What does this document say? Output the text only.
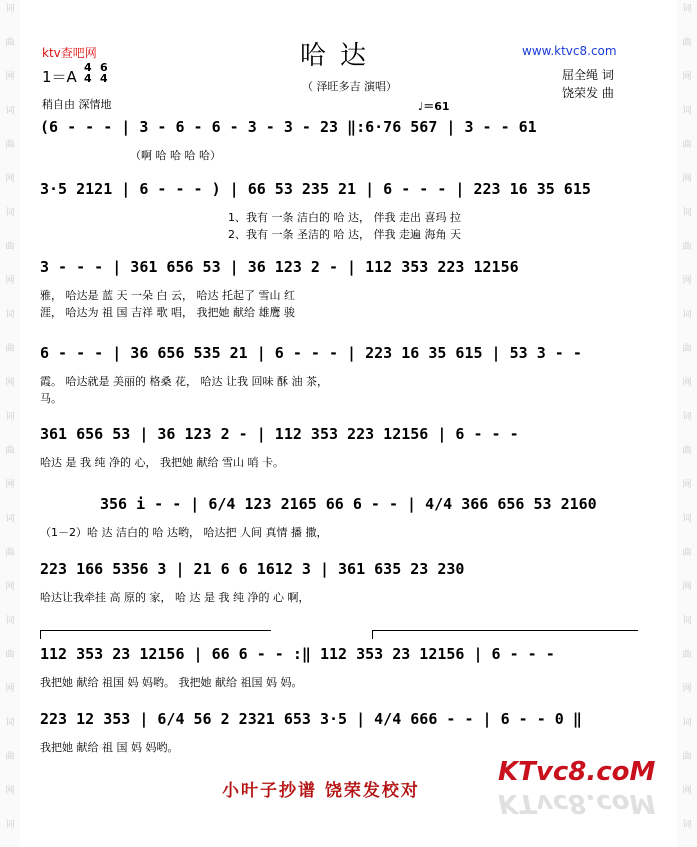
词
曲
网
词
曲
网
词
曲
网
词
曲
网
词
曲
网
词
曲
网
词
曲
网
词
曲
网
词
词
曲
网
词
曲
网
词
曲
网
词
曲
网
词
曲
网
词
曲
网
词
曲
网
词
曲
网
词
ktv查吧网	哈达	www.ktvc8.com
（ 泽旺多吉 演唱）
1＝A
4
4
6
4	屈全绳 词
饶荣发 曲
稍自由 深情地	♩＝61
(6 - - - | 3 - 6 - 6 - 3 - 3 - 23 ‖:6·76 567 | 3 - - 61
（啊 哈 哈 哈 哈）
3·5 2121 | 6 - - - ) | 66 53 235 21 | 6 - - - | 223 16 35 615
1、我有 一条 洁白的 哈 达， 伴我 走出 喜玛 拉
2、我有 一条 圣洁的 哈 达， 伴我 走遍 海角 天
3 - - - | 361 656 53 | 36 123 2 - | 112 353 223 12156
雅， 哈达是 蓝 天 一朵 白 云， 哈达 托起了 雪山 红
涯， 哈达为 祖 国 吉祥 歌 唱， 我把她 献给 雄鹰 骏
6 - - - | 36 656 535 21 | 6 - - - | 223 16 35 615 | 53 3 - -
霞。 哈达就是 美丽的 格桑 花， 哈达 让我 回味 酥 油 茶，
马。
361 656 53 | 36 123 2 - | 112 353 223 12156 | 6 - - -
哈达 是 我 纯 净的 心， 我把她 献给 雪山 哨 卡。
356 i - - | 6/4 123 2165 66 6 - - | 4/4 366 656 53 2160
（1－2）哈 达 洁白的 哈 达哟， 哈达把 人间 真情 播 撒，
223 166 5356 3 | 21 6 6 1612 3 | 361 635 23 230
哈达让我牵挂 高 原的 家， 哈 达 是 我 纯 净的 心 啊，
112 353 23 12156 | 66 6 - - :‖ 112 353 23 12156 | 6 - - -
我把她 献给 祖国 妈 妈哟。 我把她 献给 祖国 妈 妈。
223 12 353 | 6/4 56 2 2321 653 3·5 | 4/4 666 - - | 6 - - 0 ‖
我把她 献给 祖 国 妈 妈哟。
小叶子抄谱 饶荣发校对
KTvc8.coM
KTvc8.coM
